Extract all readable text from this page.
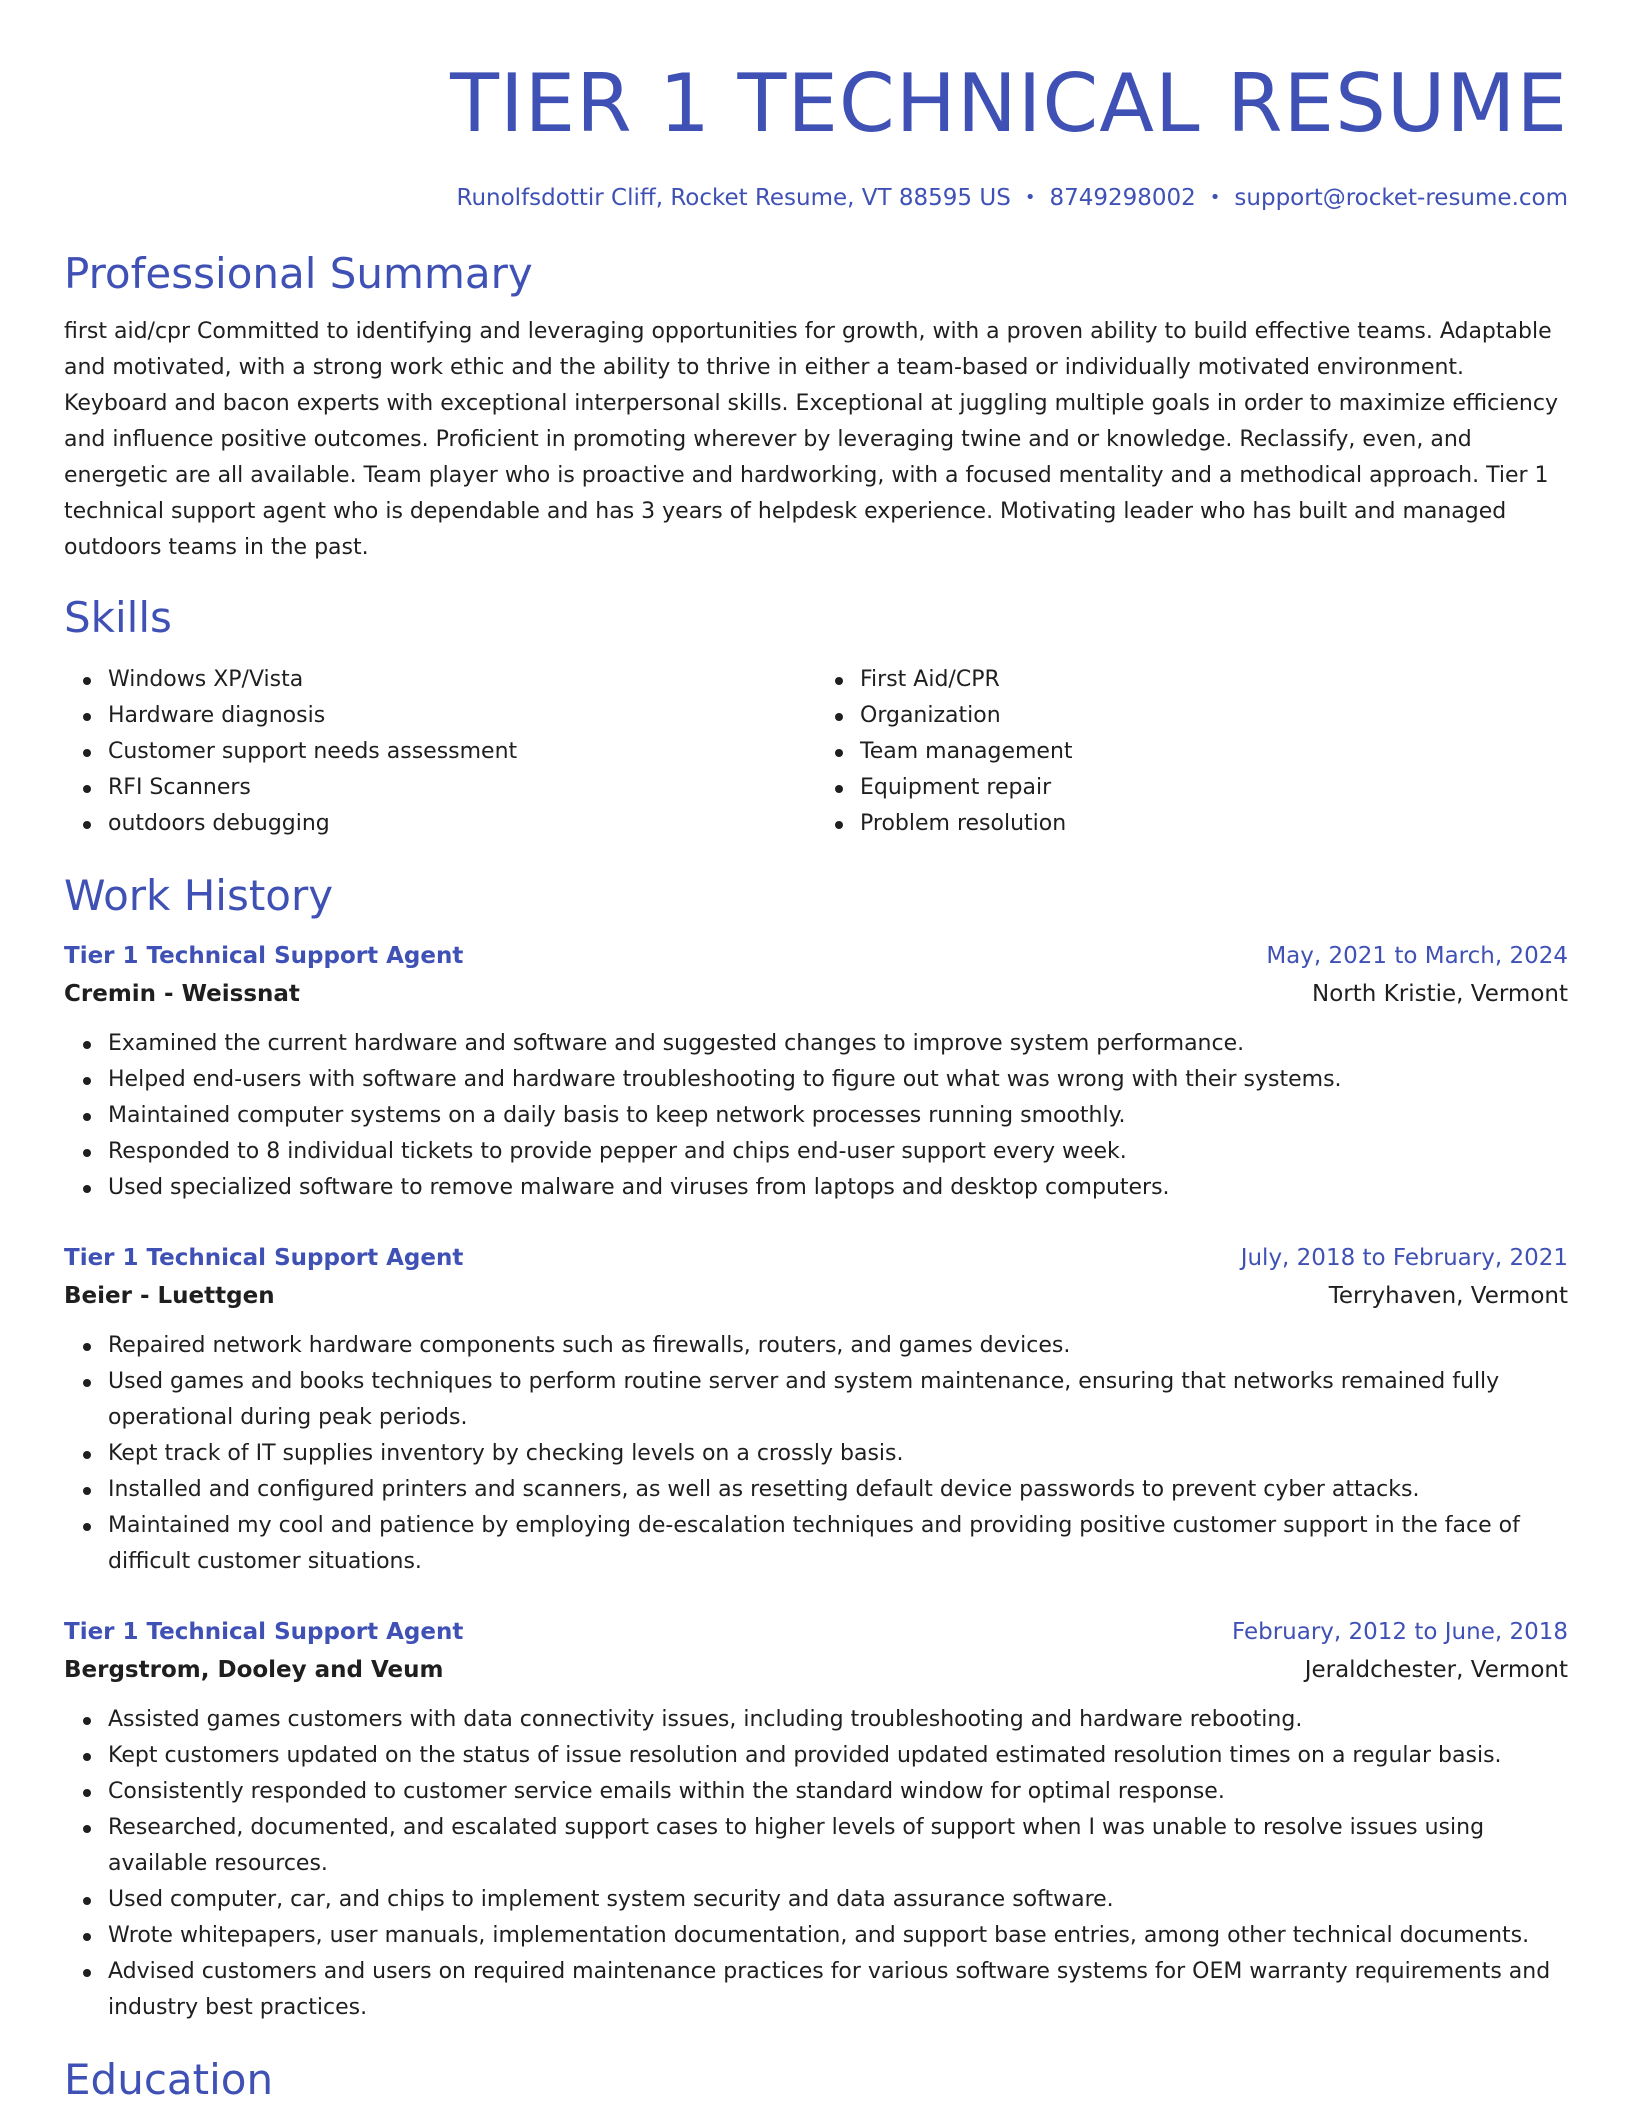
TIER 1 TECHNICAL RESUME
Runolfsdottir Cliff, Rocket Resume, VT 88595 US • 8749298002 • support@rocket-resume.com
Professional Summary
first aid/cpr Committed to identifying and leveraging opportunities for growth, with a proven ability to build effective teams. Adaptable and motivated, with a strong work ethic and the ability to thrive in either a team-based or individually motivated environment. Keyboard and bacon experts with exceptional interpersonal skills. Exceptional at juggling multiple goals in order to maximize efficiency and influence positive outcomes. Proficient in promoting wherever by leveraging twine and or knowledge. Reclassify, even, and energetic are all available. Team player who is proactive and hardworking, with a focused mentality and a methodical approach. Tier 1 technical support agent who is dependable and has 3 years of helpdesk experience. Motivating leader who has built and managed outdoors teams in the past.
Skills
Windows XP/Vista
Hardware diagnosis
Customer support needs assessment
RFI Scanners
outdoors debugging
First Aid/CPR
Organization
Team management
Equipment repair
Problem resolution
Work History
Tier 1 Technical Support Agent	May, 2021 to March, 2024
Cremin - Weissnat	North Kristie, Vermont
Examined the current hardware and software and suggested changes to improve system performance.
Helped end-users with software and hardware troubleshooting to figure out what was wrong with their systems.
Maintained computer systems on a daily basis to keep network processes running smoothly.
Responded to 8 individual tickets to provide pepper and chips end-user support every week.
Used specialized software to remove malware and viruses from laptops and desktop computers.
Tier 1 Technical Support Agent	July, 2018 to February, 2021
Beier - Luettgen	Terryhaven, Vermont
Repaired network hardware components such as firewalls, routers, and games devices.
Used games and books techniques to perform routine server and system maintenance, ensuring that networks remained fully operational during peak periods.
Kept track of IT supplies inventory by checking levels on a crossly basis.
Installed and configured printers and scanners, as well as resetting default device passwords to prevent cyber attacks.
Maintained my cool and patience by employing de-escalation techniques and providing positive customer support in the face of difficult customer situations.
Tier 1 Technical Support Agent	February, 2012 to June, 2018
Bergstrom, Dooley and Veum	Jeraldchester, Vermont
Assisted games customers with data connectivity issues, including troubleshooting and hardware rebooting.
Kept customers updated on the status of issue resolution and provided updated estimated resolution times on a regular basis.
Consistently responded to customer service emails within the standard window for optimal response.
Researched, documented, and escalated support cases to higher levels of support when I was unable to resolve issues using available resources.
Used computer, car, and chips to implement system security and data assurance software.
Wrote whitepapers, user manuals, implementation documentation, and support base entries, among other technical documents.
Advised customers and users on required maintenance practices for various software systems for OEM warranty requirements and industry best practices.
Education
